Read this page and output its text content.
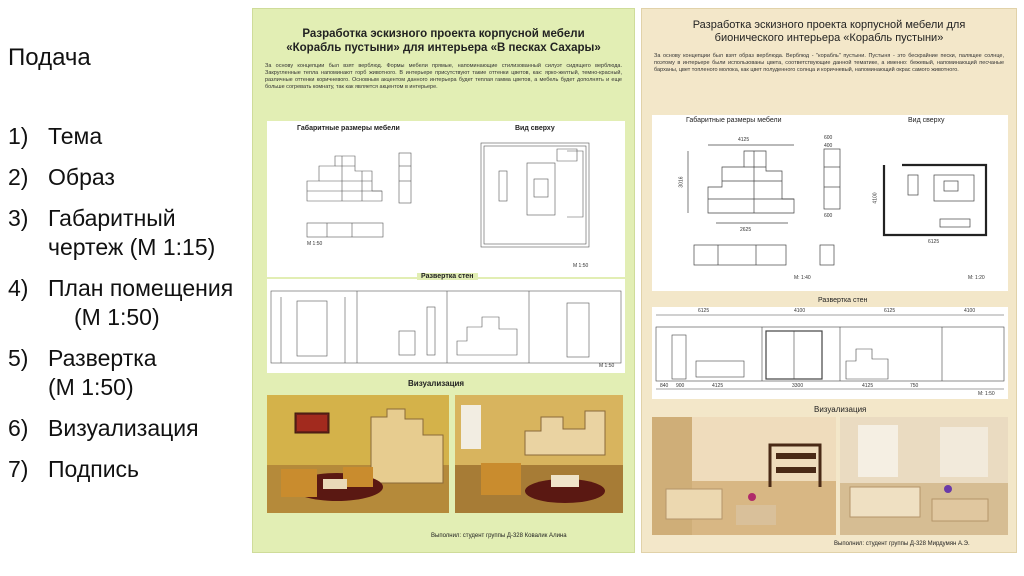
Подача
1) Тема
2) Образ
3) Габаритный
чертеж (М 1:15)
4) План помещения
(М 1:50)
5) Развертка
(М 1:50)
6) Визуализация
7) Подпись
Разработка эскизного проекта корпусной мебели
«Корабль пустыни» для интерьера «В песках Сахары»
За основу концепции был взят верблюд. Формы мебели прямые, напоминающие стилизованный силуэт сидящего верблюда. Закругленные тепла напоминают горб животного. В интерьере присутствуют такие оттенки цветов, как: ярко-желтый, темно-красный, различные оттенки коричневого. Основным акцентом данного интерьера будет теплая гамма цветов, а мебель будет дополнять и еще больше согревать комнату, так как является акцентом в интерьере.
Габаритные размеры мебели	Вид сверху
М 1:50
М 1:50
Развертка стен
М 1:50
Визуализация
Выполнил: студент группы Д-328 Ковалик Алина
Разработка эскизного проекта корпусной мебели для
бионического интерьера «Корабль пустыни»
За основу концепции был взят образ верблюда. Верблюд - "корабль" пустыни. Пустыня - это бескрайние пески, палящее солнце, поэтому в интерьере были использованы цвета, соответствующие данной тематике, а именно: бежевый, напоминающий песчаные барханы, цвет топленого молока, как цвет полуденного солнца и коричневый, напоминающий окрас самого животного.
Габаритные размеры мебели	Вид сверху
4125
3016
2625
600
400
600
4100
6125
М: 1:40	М: 1:20
Развертка стен
6125	4100	6125	4100
840 900	4125	3300	4125	750
М: 1:50
Визуализация
Выполнил: студент группы Д-328 Мирдумян А.Э.
